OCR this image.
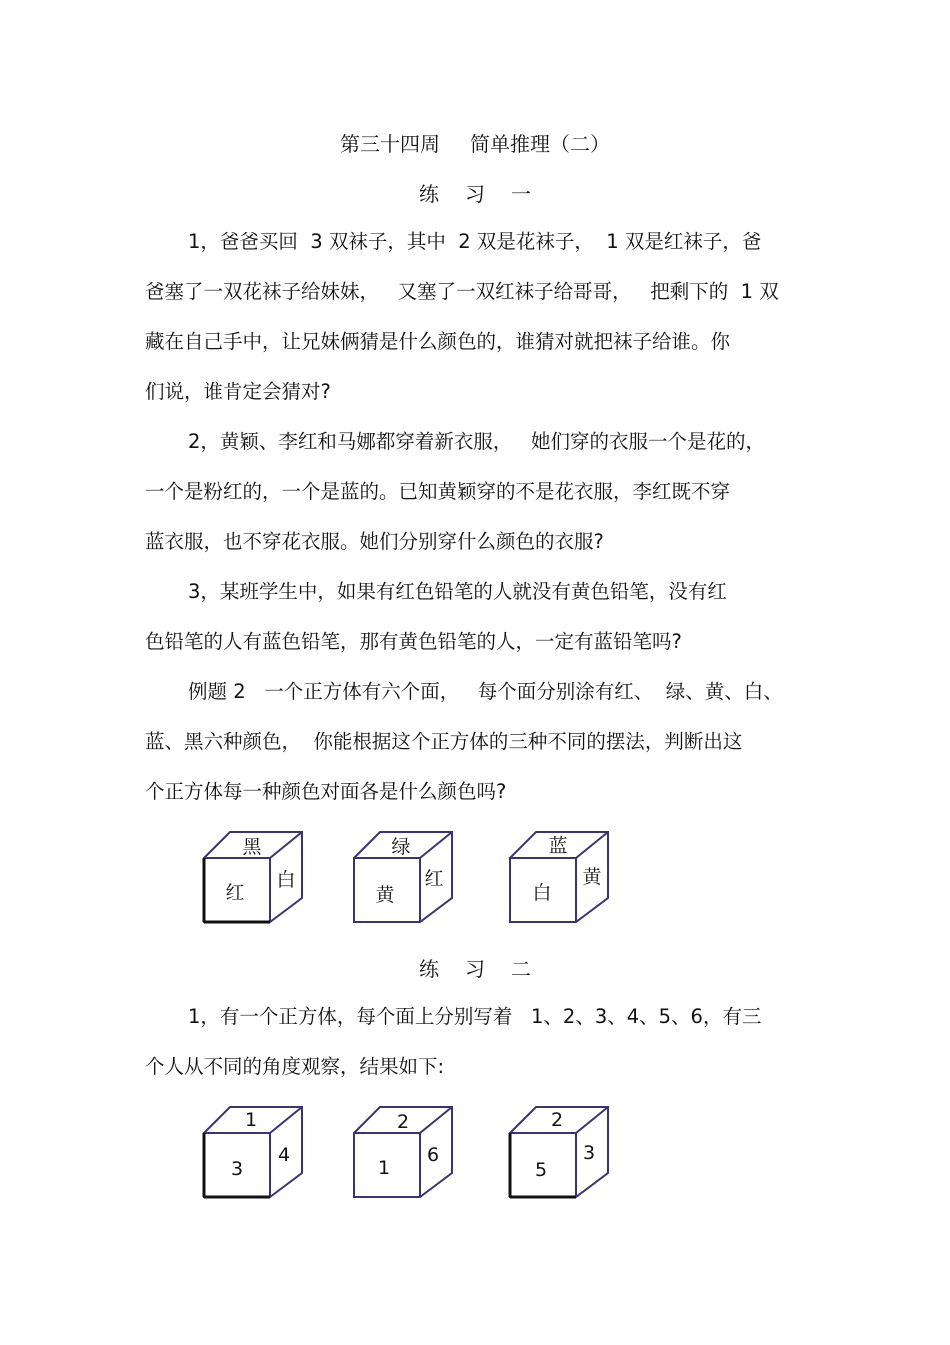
第三十四周 简单推理（二）
练习一
1，爸爸买回  3 双袜子，其中  2 双是花袜子，  1 双是红袜子，爸
爸塞了一双花袜子给妹妹，   又塞了一双红袜子给哥哥，   把剩下的  1 双
藏在自己手中，让兄妹俩猜是什么颜色的，谁猜对就把袜子给谁。你
们说，谁肯定会猜对?
2，黄颖、李红和马娜都穿着新衣服，   她们穿的衣服一个是花的，
一个是粉红的，一个是蓝的。已知黄颖穿的不是花衣服，李红既不穿
蓝衣服，也不穿花衣服。她们分别穿什么颜色的衣服?
3，某班学生中，如果有红色铅笔的人就没有黄色铅笔，没有红
色铅笔的人有蓝色铅笔，那有黄色铅笔的人，一定有蓝铅笔吗?
例题 2   一个正方体有六个面，   每个面分别涂有红、  绿、黄、白、
蓝、黑六种颜色，  你能根据这个正方体的三种不同的摆法，判断出这
个正方体每一种颜色对面各是什么颜色吗?
黑
红
白
绿
黄
红
蓝
白
黄
练习二
1，有一个正方体，每个面上分别写着   1、2、3、4、5、6，有三
个人从不同的角度观察，结果如下:
1
3
4
2
1
6
2
5
3
